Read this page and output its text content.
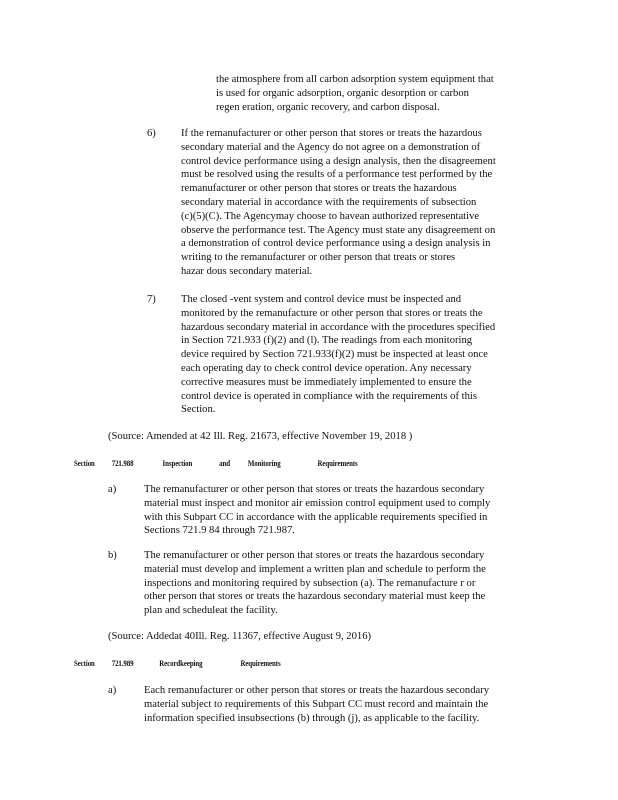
the atmosphere from all carbon adsorption system equipment that

is used for organic adsorption, organic desorption or carbon

regen eration, organic recovery, and carbon disposal.

6) If the remanufacturer or other person that stores or treats the hazardous

secondary material and the Agency do not agree on a demonstration of

control device performance using a design analysis, then the disagreement

must be resolved using the results of a performance test performed by the

remanufacturer or other person that stores or treats the hazardous

secondary material in accordance with the requirements of subsection

(c)(5)(C). The Agencymay choose to havean authorized representative

observe the performance test. The Agency must state any disagreement on

a demonstration of control device performance using a design analysis in

writing to the remanufacturer or other person that treats or stores

hazar dous secondary material.

7) The closed -vent system and control device must be inspected and

monitored by the remanufacture or other person that stores or treats the

hazardous secondary material in accordance with the procedures specified

in Section 721.933 (f)(2) and (l). The readings from each monitoring

device required by Section 721.933(f)(2) must be inspected at least once

each operating day to check control device operation. Any necessary

corrective measures must be immediately implemented to ensure the

control device is operated in compliance with the requirements of this

Section.

(Source: Amended at 42 Ill. Reg. 21673, effective November 19, 2018 )
Section 721.988	Inspection	and Monitoring	Requirements
a)	The remanufacturer or other person that stores or treats the hazardous secondary

material must inspect and monitor air emission control equipment used to comply

with this Subpart CC in accordance with the applicable requirements specified in

Sections 721.9 84 through 721.987.

b)	The remanufacturer or other person that stores or treats the hazardous secondary

material must develop and implement a written plan and schedule to perform the

inspections and monitoring required by subsection (a). The remanufacture r or

other person that stores or treats the hazardous secondary material must keep the

plan and scheduleat the facility.

(Source: Addedat 40Ill. Reg. 11367, effective August 9, 2016)
Section 721.989	Recordkeeping	Requirements
a)	Each remanufacturer or other person that stores or treats the hazardous secondary

material subject to requirements of this Subpart CC must record and maintain the

information specified insubsections (b) through (j), as applicable to the facility.
